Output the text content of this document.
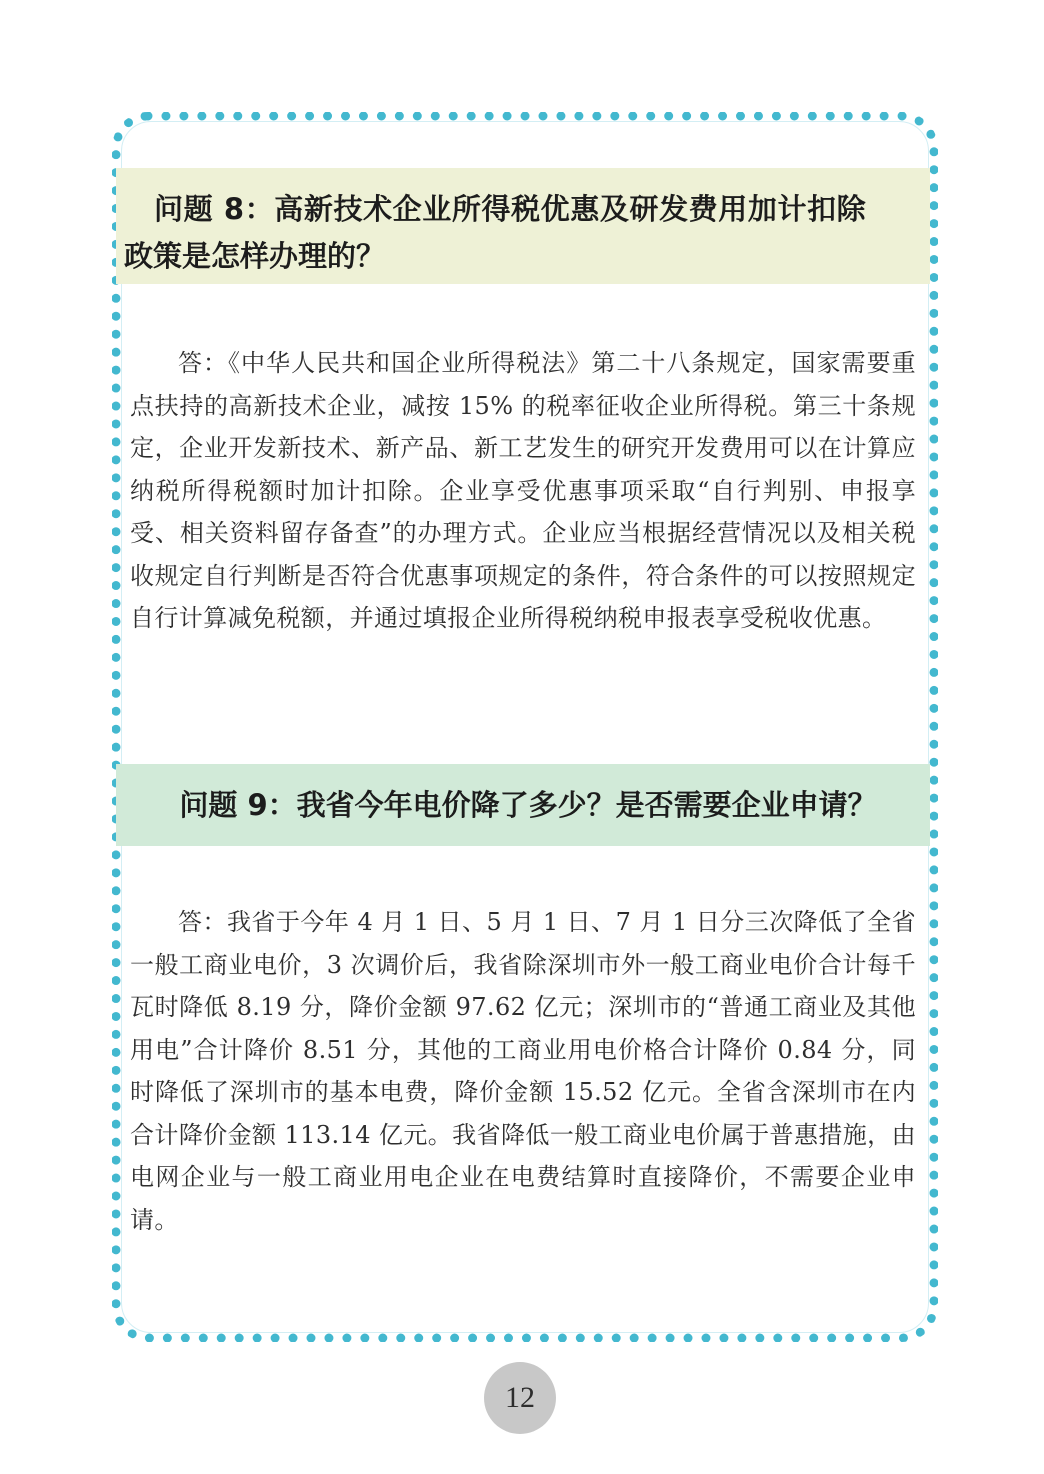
问题 8：高新技术企业所得税优惠及研发费用加计扣除
政策是怎样办理的？

答：《中华人民共和国企业所得税法》第二十八条规定，国家需要重点扶持的高新技术企业，减按 15% 的税率征收企业所得税。第三十条规定，企业开发新技术、新产品、新工艺发生的研究开发费用可以在计算应纳税所得税额时加计扣除。企业享受优惠事项采取“自行判别、申报享受、相关资料留存备查”的办理方式。企业应当根据经营情况以及相关税收规定自行判断是否符合优惠事项规定的条件，符合条件的可以按照规定自行计算减免税额，并通过填报企业所得税纳税申报表享受税收优惠。

问题 9：我省今年电价降了多少？是否需要企业申请？

答：我省于今年 4 月 1 日、5 月 1 日、7 月 1 日分三次降低了全省一般工商业电价，3 次调价后，我省除深圳市外一般工商业电价合计每千瓦时降低 8.19 分，降价金额 97.62 亿元；深圳市的“普通工商业及其他用电”合计降价 8.51 分，其他的工商业用电价格合计降价 0.84 分，同时降低了深圳市的基本电费，降价金额 15.52 亿元。全省含深圳市在内合计降价金额 113.14 亿元。我省降低一般工商业电价属于普惠措施，由电网企业与一般工商业用电企业在电费结算时直接降价，不需要企业申请。

12
